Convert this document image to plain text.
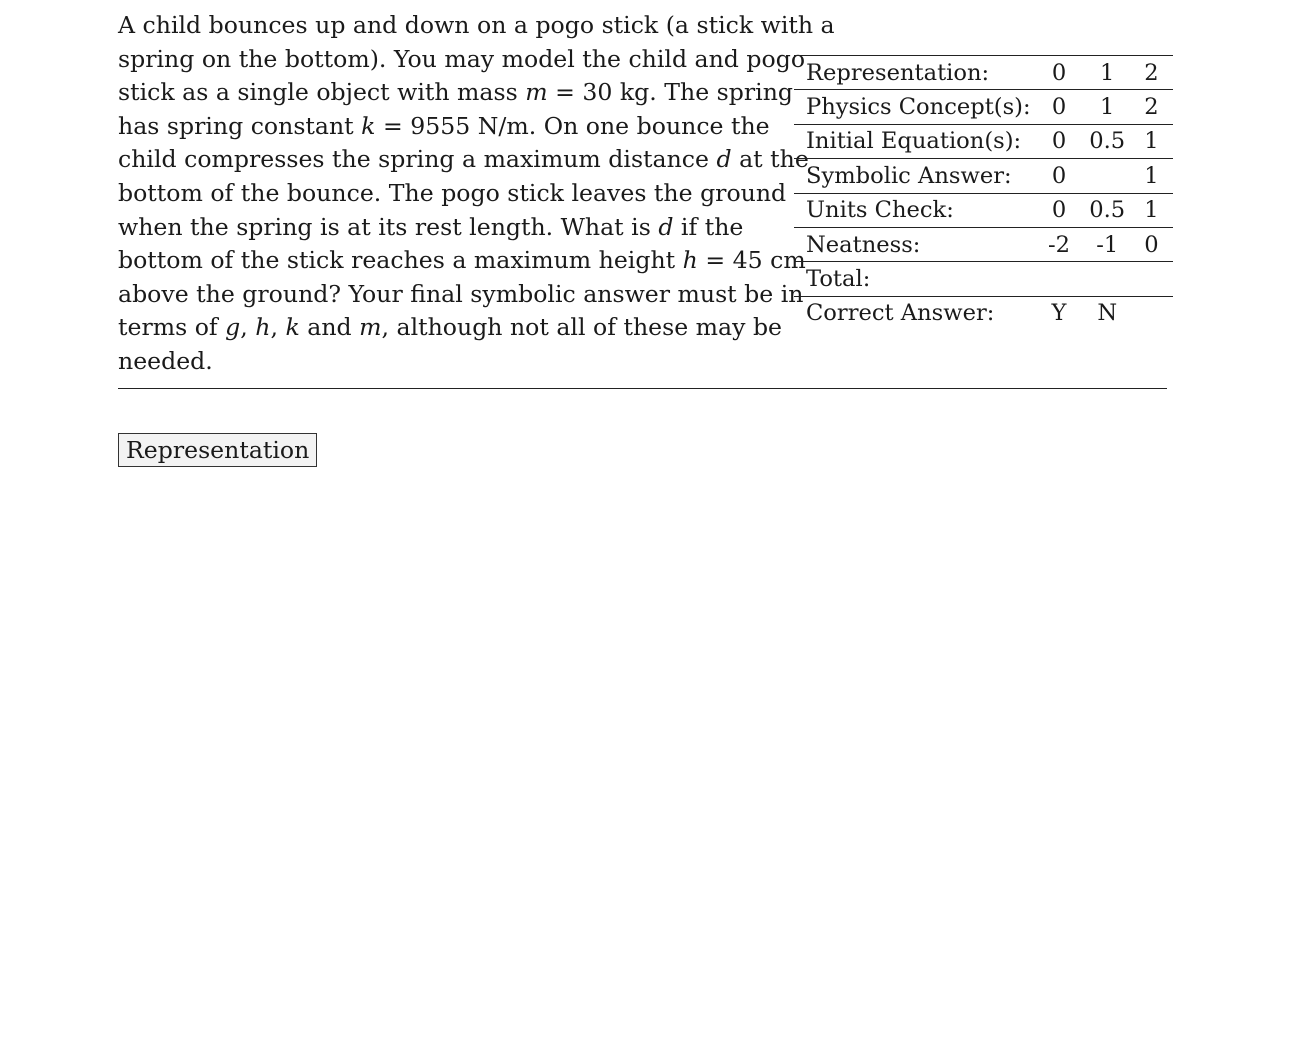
A child bounces up and down on a pogo stick (a stick with a
spring on the bottom). You may model the child and pogo
stick as a single object with mass m = 30 kg. The spring
has spring constant k = 9555 N/m. On one bounce the
child compresses the spring a maximum distance d at the
bottom of the bounce. The pogo stick leaves the ground
when the spring is at its rest length. What is d if the
bottom of the stick reaches a maximum height h = 45 cm
above the ground? Your final symbolic answer must be in
terms of g, h, k and m, although not all of these may be
needed.
Representation:	0	1	2
Physics Concept(s):	0	1	2
Initial Equation(s):	0	0.5	1
Symbolic Answer:	0		1
Units Check:	0	0.5	1
Neatness:	-2	-1	0
Total:			
Correct Answer:	Y	N	
Representation
